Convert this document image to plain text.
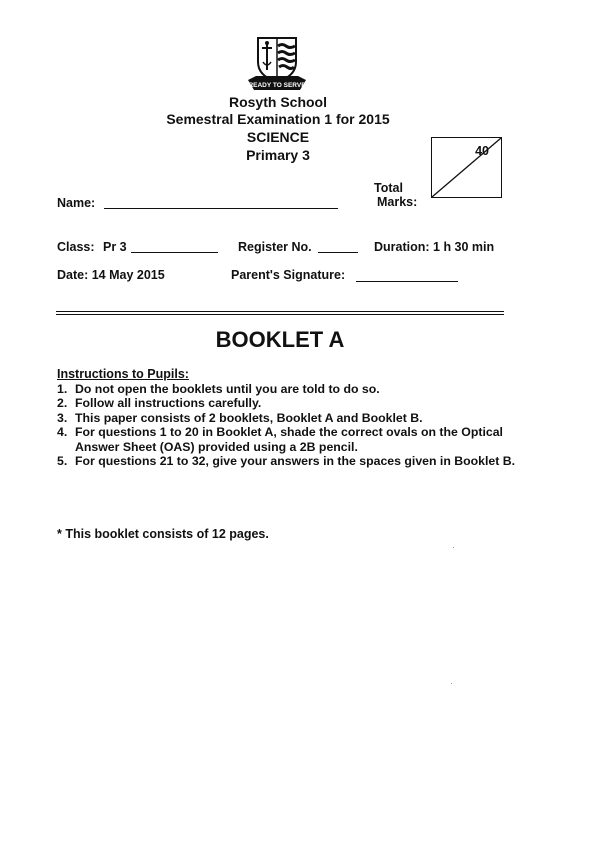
READY TO SERVE
Rosyth School
Semestral Examination 1 for 2015
SCIENCE
Primary 3
Name:
Total
Marks:
40
Class: Pr 3	Register No.	Duration: 1 h 30 min
Date: 14 May 2015	Parent's Signature:
BOOKLET A
Instructions to Pupils:
1. Do not open the booklets until you are told to do so.
2. Follow all instructions carefully.
3. This paper consists of 2 booklets, Booklet A and Booklet B.
4. For questions 1 to 20 in Booklet A, shade the correct ovals on the Optical Answer Sheet (OAS) provided using a 2B pencil.
5. For questions 21 to 32, give your answers in the spaces given in Booklet B.
* This booklet consists of 12 pages.
